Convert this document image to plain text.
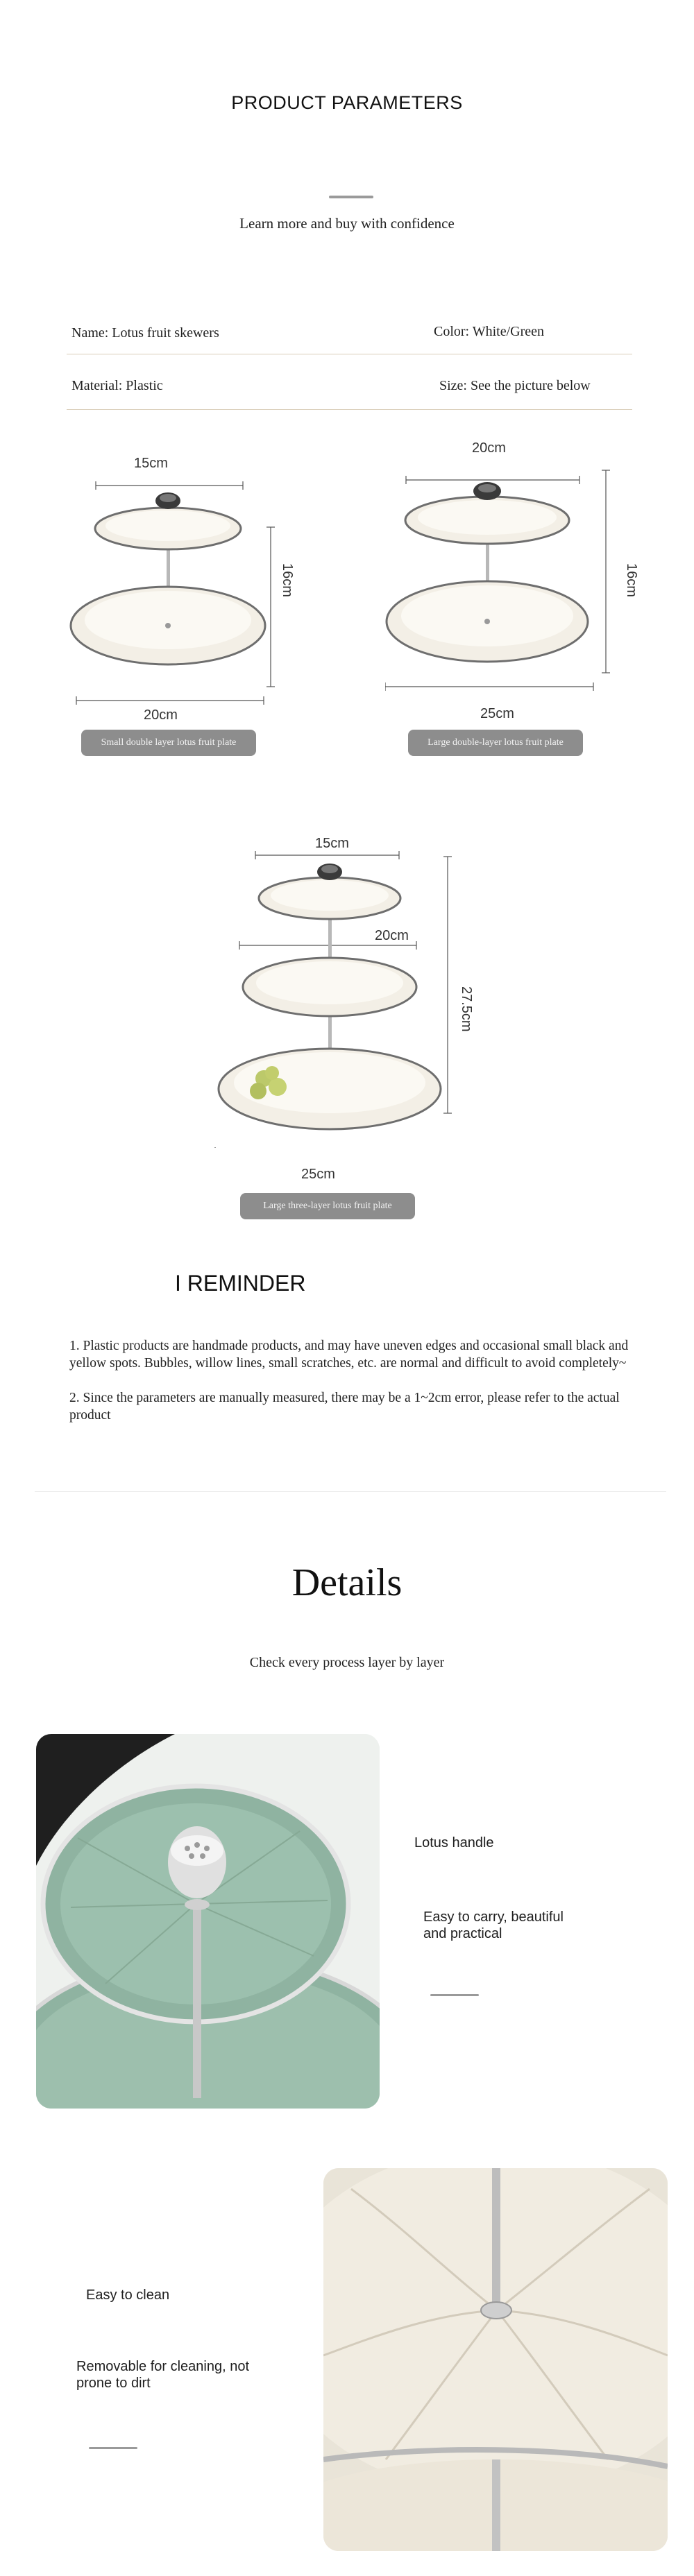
PRODUCT PARAMETERS
Learn more and buy with confidence
Name: Lotus fruit skewers	Color: White/Green
Material: Plastic	Size: See the picture below
15cm
16cm
20cm
Small double layer lotus fruit plate
20cm
16cm
25cm
Large double-layer lotus fruit plate
15cm
20cm
27.5cm
25cm
Large three-layer lotus fruit plate
I REMINDER
1. Plastic products are handmade products, and may have uneven edges and occasional small black and yellow spots. Bubbles, willow lines, small scratches, etc. are normal and difficult to avoid completely~
2. Since the parameters are manually measured, there may be a 1~2cm error, please refer to the actual product
Details
Check every process layer by layer
Lotus handle
Easy to carry, beautiful and practical
Easy to clean
Removable for cleaning, not prone to dirt
